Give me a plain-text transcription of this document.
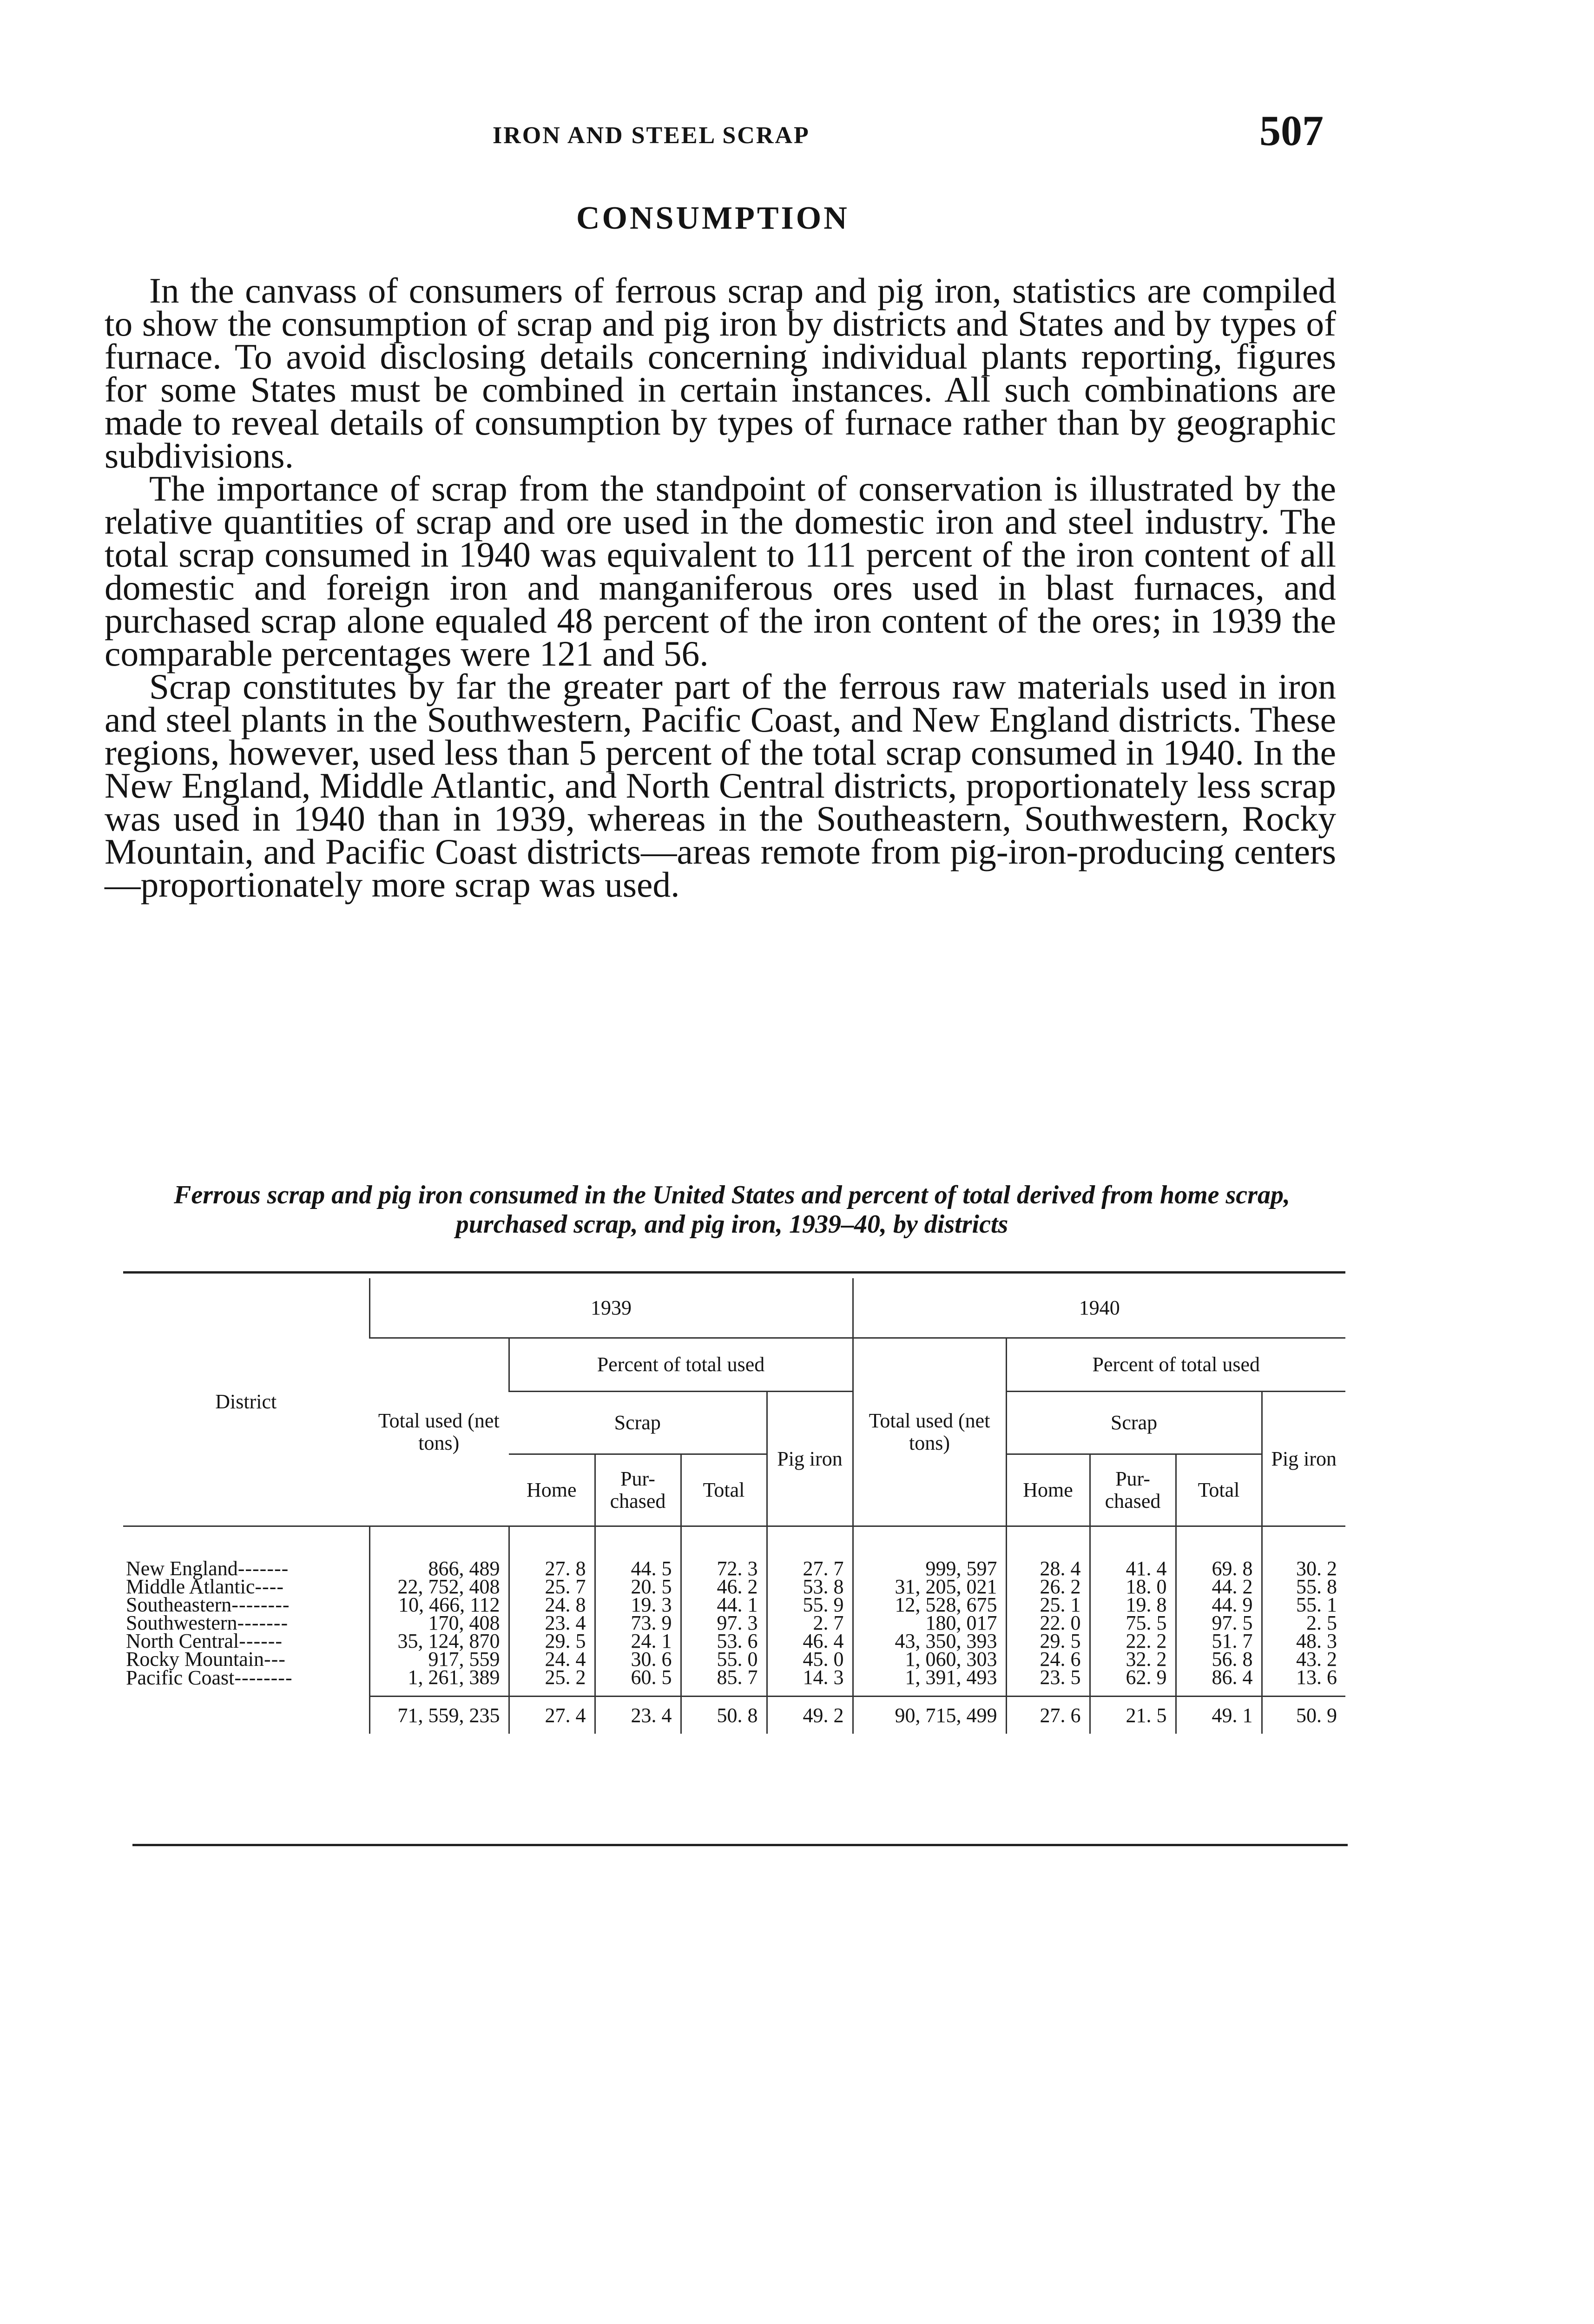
IRON AND STEEL SCRAP	507
CONSUMPTION

In the canvass of consumers of ferrous scrap and pig iron, statistics are compiled to show the consumption of scrap and pig iron by districts and States and by types of furnace. To avoid disclosing details concerning individual plants reporting, figures for some States must be combined in certain instances. All such combinations are made to reveal details of consumption by types of furnace rather than by geographic subdivisions.

The importance of scrap from the standpoint of conservation is illustrated by the relative quantities of scrap and ore used in the domestic iron and steel industry. The total scrap consumed in 1940 was equivalent to 111 percent of the iron content of all domestic and foreign iron and manganiferous ores used in blast furnaces, and purchased scrap alone equaled 48 percent of the iron content of the ores; in 1939 the comparable percentages were 121 and 56.

Scrap constitutes by far the greater part of the ferrous raw materials used in iron and steel plants in the Southwestern, Pacific Coast, and New England districts. These regions, however, used less than 5 percent of the total scrap consumed in 1940. In the New England, Middle Atlantic, and North Central districts, proportionately less scrap was used in 1940 than in 1939, whereas in the Southeastern, Southwestern, Rocky Mountain, and Pacific Coast districts—areas remote from pig-iron-producing centers—proportionately more scrap was used.

Ferrous scrap and pig iron consumed in the United States and percent of total derived from home scrap, purchased scrap, and pig iron, 1939–40, by districts
District	1939					1940				
	Total used (net tons)	Percent of total used				Total used (net tons)	Percent of total used			
		Scrap			Pig iron		Scrap			Pig iron
		Home	Pur-chased	Total			Home	Pur-chased	Total	
New England-------	866, 489	27. 8	44. 5	72. 3	27. 7	999, 597	28. 4	41. 4	69. 8	30. 2
Middle Atlantic----	22, 752, 408	25. 7	20. 5	46. 2	53. 8	31, 205, 021	26. 2	18. 0	44. 2	55. 8
Southeastern--------	10, 466, 112	24. 8	19. 3	44. 1	55. 9	12, 528, 675	25. 1	19. 8	44. 9	55. 1
Southwestern-------	170, 408	23. 4	73. 9	97. 3	2. 7	180, 017	22. 0	75. 5	97. 5	2. 5
North Central------	35, 124, 870	29. 5	24. 1	53. 6	46. 4	43, 350, 393	29. 5	22. 2	51. 7	48. 3
Rocky Mountain---	917, 559	24. 4	30. 6	55. 0	45. 0	1, 060, 303	24. 6	32. 2	56. 8	43. 2
Pacific Coast--------	1, 261, 389	25. 2	60. 5	85. 7	14. 3	1, 391, 493	23. 5	62. 9	86. 4	13. 6
	71, 559, 235	27. 4	23. 4	50. 8	49. 2	90, 715, 499	27. 6	21. 5	49. 1	50. 9
